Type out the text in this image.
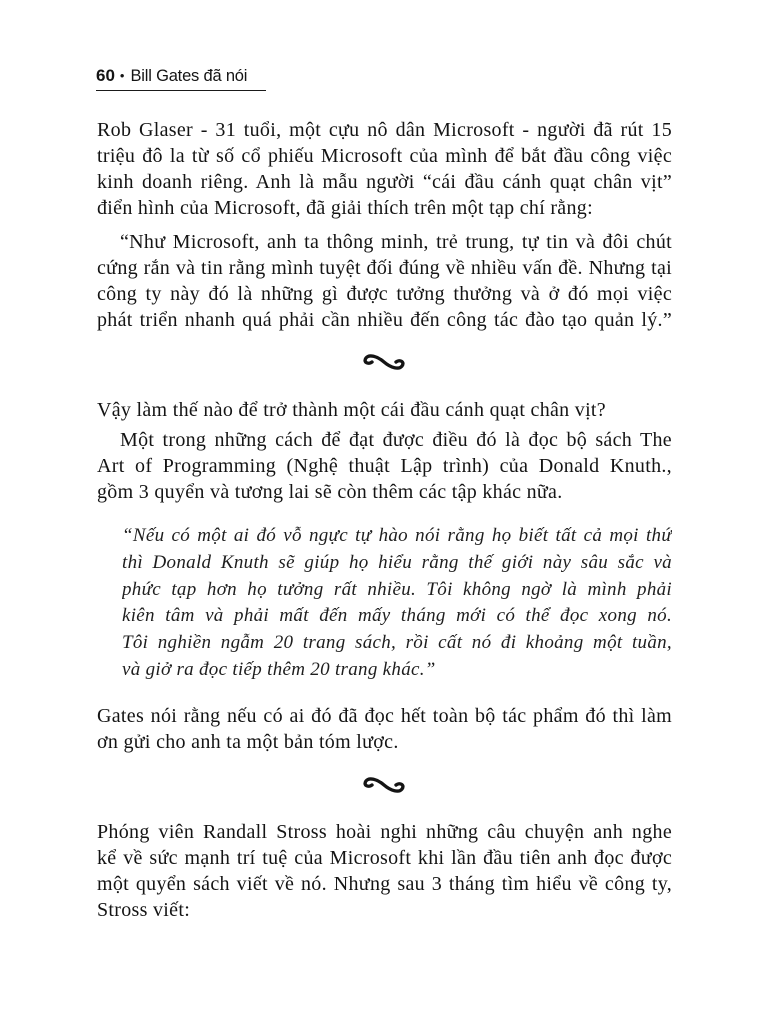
60 • Bill Gates đã nói
Rob Glaser - 31 tuổi, một cựu nô dân Microsoft - người đã rút 15
triệu đô la từ số cổ phiếu Microsoft của mình để bắt đầu công việc
kinh doanh riêng. Anh là mẫu người “cái đầu cánh quạt chân vịt”
điển hình của Microsoft, đã giải thích trên một tạp chí rằng:
“Như Microsoft, anh ta thông minh, trẻ trung, tự tin và đôi chút
cứng rắn và tin rằng mình tuyệt đối đúng về nhiều vấn đề. Nhưng tại
công ty này đó là những gì được tưởng thưởng và ở đó mọi việc
phát triển nhanh quá phải cần nhiều đến công tác đào tạo quản lý.”
Vậy làm thế nào để trở thành một cái đầu cánh quạt chân vịt?
Một trong những cách để đạt được điều đó là đọc bộ sách The
Art of Programming (Nghệ thuật Lập trình) của Donald Knuth.,
gồm 3 quyển và tương lai sẽ còn thêm các tập khác nữa.
“Nếu có một ai đó vỗ ngực tự hào nói rằng họ biết tất cả mọi thứ
thì Donald Knuth sẽ giúp họ hiểu rằng thế giới này sâu sắc và
phức tạp hơn họ tưởng rất nhiều. Tôi không ngờ là mình phải
kiên tâm và phải mất đến mấy tháng mới có thể đọc xong nó.
Tôi nghiền ngẫm 20 trang sách, rồi cất nó đi khoảng một tuần,
và giở ra đọc tiếp thêm 20 trang khác.”
Gates nói rằng nếu có ai đó đã đọc hết toàn bộ tác phẩm đó thì làm
ơn gửi cho anh ta một bản tóm lược.
Phóng viên Randall Stross hoài nghi những câu chuyện anh nghe
kể về sức mạnh trí tuệ của Microsoft khi lần đầu tiên anh đọc được
một quyển sách viết về nó. Nhưng sau 3 tháng tìm hiểu về công ty,
Stross viết:
